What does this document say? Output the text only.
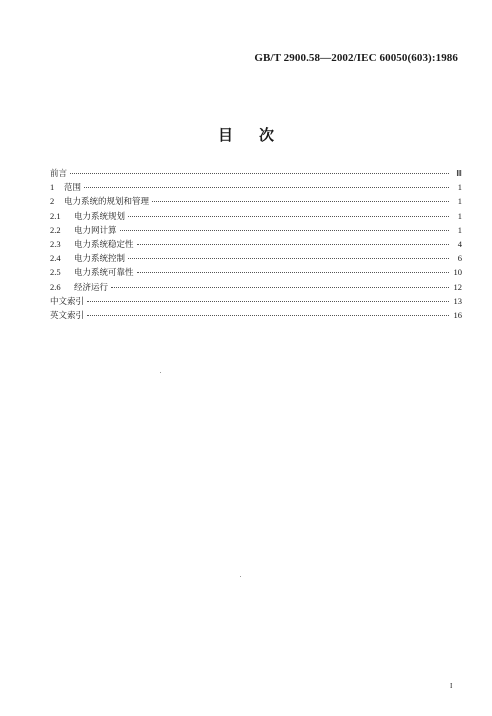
GB/T 2900.58—2002/IEC 60050(603):1986
目次
前言	Ⅲ
1	范围	1
2	电力系统的规划和管理	1
2.1	电力系统规划	1
2.2	电力网计算	1
2.3	电力系统稳定性	4
2.4	电力系统控制	6
2.5	电力系统可靠性	10
2.6	经济运行	12
中文索引	13
英文索引	16
I
